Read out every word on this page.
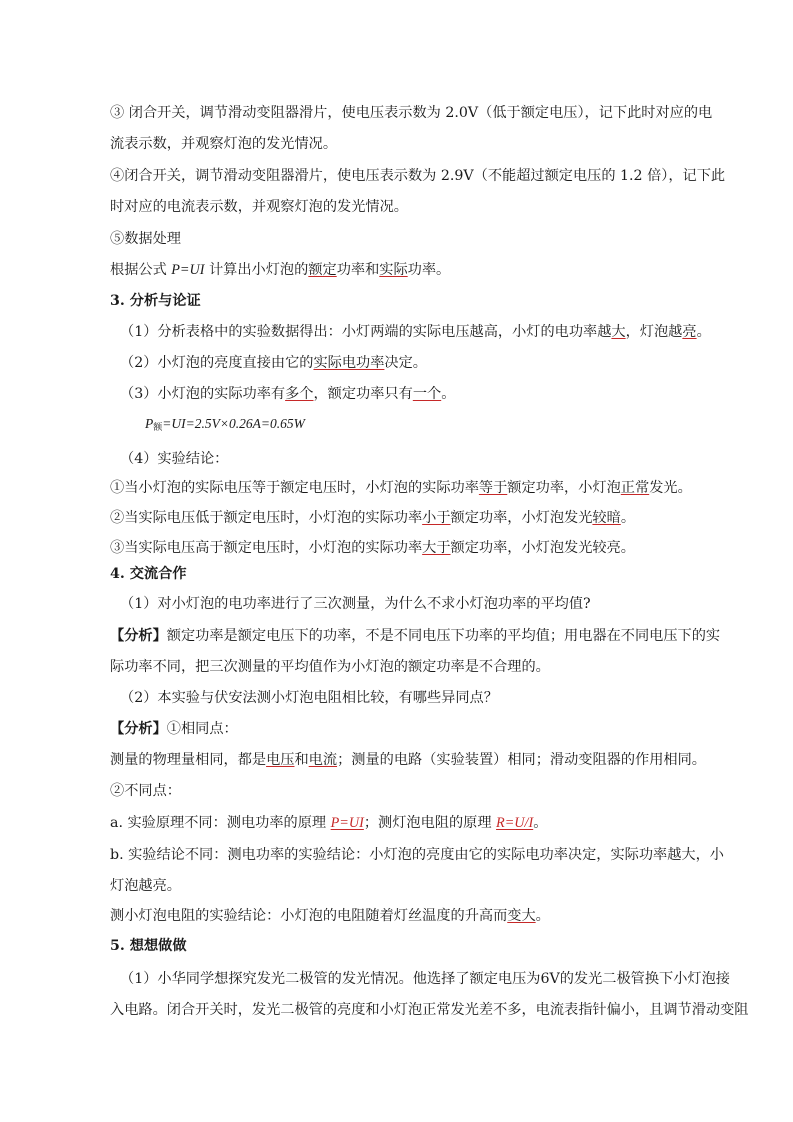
③ 闭合开关，调节滑动变阻器滑片，使电压表示数为 2.0V（低于额定电压），记下此时对应的电
流表示数，并观察灯泡的发光情况。
④闭合开关，调节滑动变阻器滑片，使电压表示数为 2.9V（不能超过额定电压的 1.2 倍），记下此
时对应的电流表示数，并观察灯泡的发光情况。
⑤数据处理
根据公式 P=UI 计算出小灯泡的额定功率和实际功率。
3. 分析与论证
（1）分析表格中的实验数据得出：小灯两端的实际电压越高，小灯的电功率越大，灯泡越亮。
（2）小灯泡的亮度直接由它的实际电功率决定。
（3）小灯泡的实际功率有多个，额定功率只有一个。
$P_额=UI=2.5V\times 0.26A=0.65W$
（4）实验结论：
①当小灯泡的实际电压等于额定电压时，小灯泡的实际功率等于额定功率，小灯泡正常发光。
②当实际电压低于额定电压时，小灯泡的实际功率小于额定功率，小灯泡发光较暗。
③当实际电压高于额定电压时，小灯泡的实际功率大于额定功率，小灯泡发光较亮。
4. 交流合作
（1）对小灯泡的电功率进行了三次测量，为什么不求小灯泡功率的平均值?
【分析】额定功率是额定电压下的功率，不是不同电压下功率的平均值；用电器在不同电压下的实
际功率不同，把三次测量的平均值作为小灯泡的额定功率是不合理的。
（2）本实验与伏安法测小灯泡电阻相比较，有哪些异同点？
【分析】①相同点：
测量的物理量相同，都是电压和电流；测量的电路（实验装置）相同；滑动变阻器的作用相同。
②不同点：
a. 实验原理不同：测电功率的原理 P=UI；测灯泡电阻的原理 R=U/I。
b. 实验结论不同：测电功率的实验结论：小灯泡的亮度由它的实际电功率决定，实际功率越大，小
灯泡越亮。
测小灯泡电阻的实验结论：小灯泡的电阻随着灯丝温度的升高而变大。
5. 想想做做
（1）小华同学想探究发光二极管的发光情况。他选择了额定电压为6V的发光二极管换下小灯泡接
入电路。闭合开关时，发光二极管的亮度和小灯泡正常发光差不多，电流表指针偏小，且调节滑动变阻
